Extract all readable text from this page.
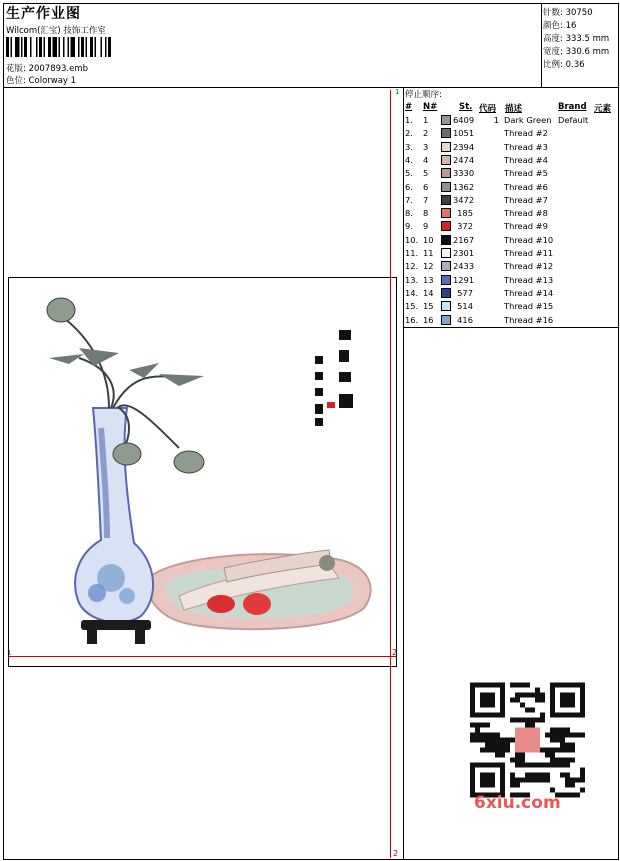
生产作业图
Wilcom(汇宝) 技饰工作室
花版: 2007893.emb
色位: Colorway 1
针数: 30750
颜色: 16
高度: 333.5 mm
宽度: 330.6 mm
比例: 0.36
1
2
2
1
停止顺序:
# N#	St. 代码 描述	Brand 元素
1. 1	6409	1 Dark Green Default
2. 2	1051	Thread #2
3. 3	2394	Thread #3
4. 4	2474	Thread #4
5. 5	3330	Thread #5
6. 6	1362	Thread #6
7. 7	3472	Thread #7
8. 8	185	Thread #8
9. 9	372	Thread #9
10. 10 2167	Thread #10
11. 11 2301	Thread #11
12. 12 2433	Thread #12
13. 13 1291	Thread #13
14. 14	577	Thread #14
15. 15	514	Thread #15
16. 16	416	Thread #16
6xiu.com
